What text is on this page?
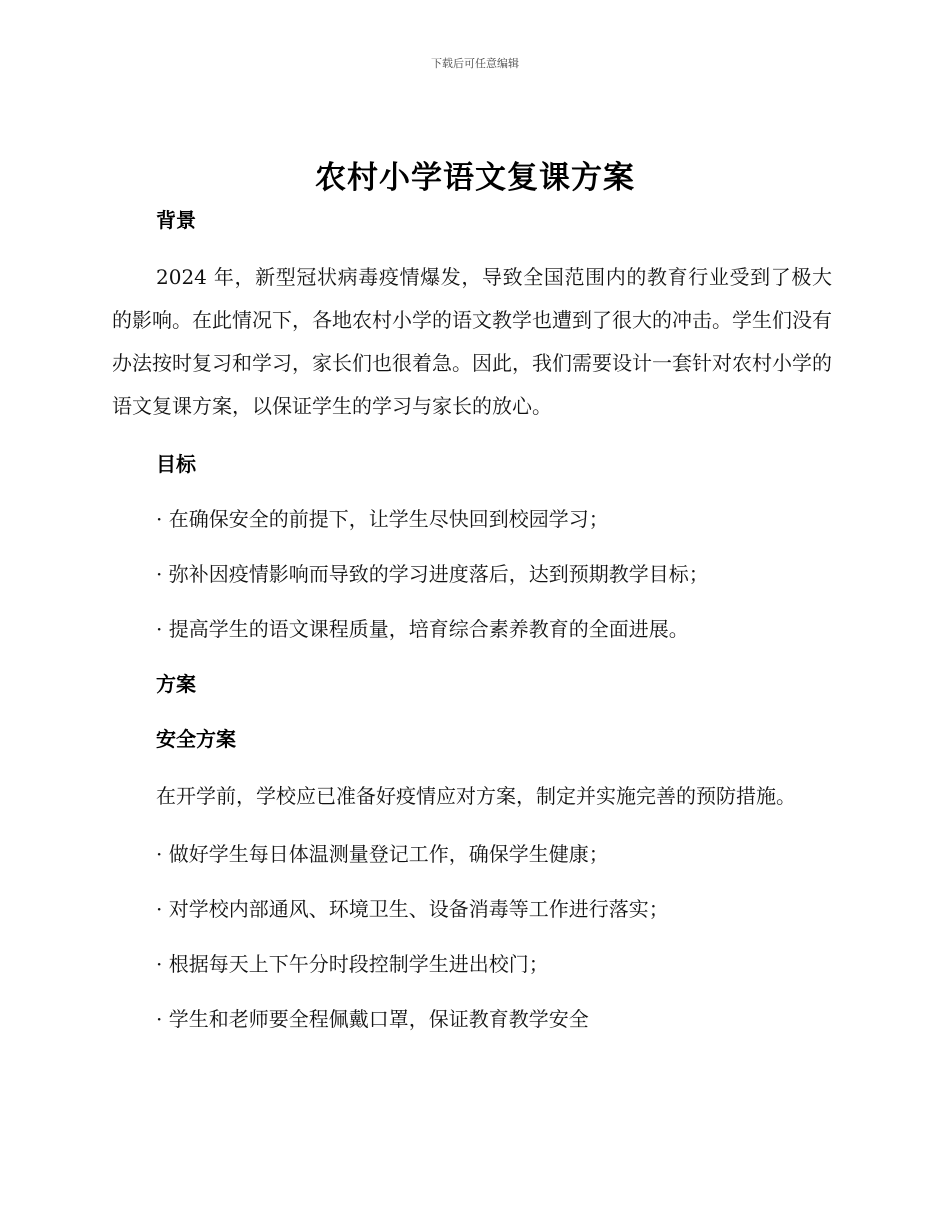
下载后可任意编辑
农村小学语文复课方案

背景

2024 年，新型冠状病毒疫情爆发，导致全国范围内的教育行业受到了极大的影响。在此情况下，各地农村小学的语文教学也遭到了很大的冲击。学生们没有办法按时复习和学习，家长们也很着急。因此，我们需要设计一套针对农村小学的语文复课方案，以保证学生的学习与家长的放心。

目标

· 在确保安全的前提下，让学生尽快回到校园学习；

· 弥补因疫情影响而导致的学习进度落后，达到预期教学目标；

· 提高学生的语文课程质量，培育综合素养教育的全面进展。

方案

安全方案

在开学前，学校应已准备好疫情应对方案，制定并实施完善的预防措施。

· 做好学生每日体温测量登记工作，确保学生健康；

· 对学校内部通风、环境卫生、设备消毒等工作进行落实；

· 根据每天上下午分时段控制学生进出校门；

· 学生和老师要全程佩戴口罩，保证教育教学安全
